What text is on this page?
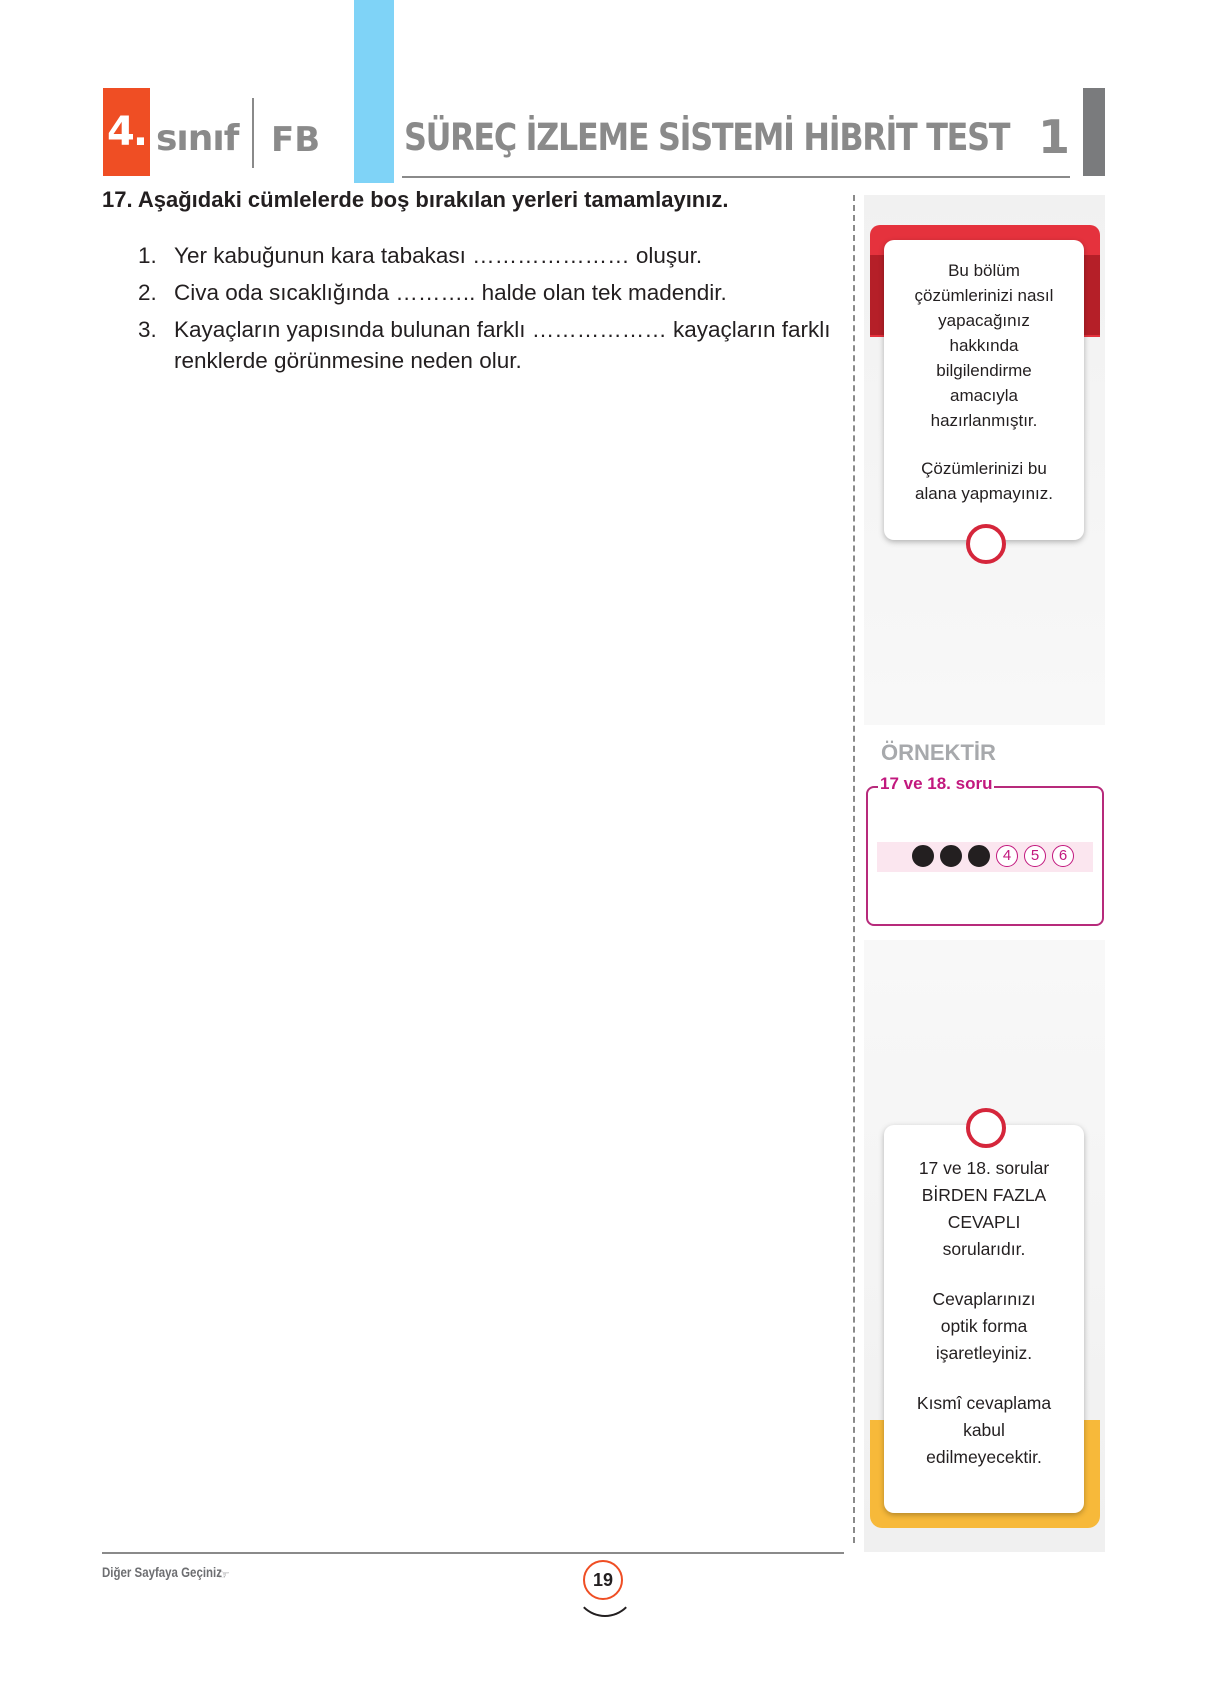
4. sınıf FB SÜREÇ İZLEME SİSTEMİ HİBRİT TEST 1
17. Aşağıdaki cümlelerde boş bırakılan yerleri tamamlayınız.
1. Yer kabuğunun kara tabakası ………………… oluşur.
2. Civa oda sıcaklığında ……….. halde olan tek madendir.
3. Kayaçların yapısında bulunan farklı ……………… kayaçların farklı renklerde görünmesine neden olur.

Bu bölüm çözümlerinizi nasıl yapacağınız hakkında bilgilendirme amacıyla hazırlanmıştır.

Çözümlerinizi bu alana yapmayınız.

ÖRNEKTİR
17 ve 18. soru
4	5	6

17 ve 18. sorular BİRDEN FAZLA CEVAPLI sorularıdır.

Cevaplarınızı optik forma işaretleyiniz.

Kısmî cevaplama kabul edilmeyecektir.

Diğer Sayfaya Geçiniz
☞	19
